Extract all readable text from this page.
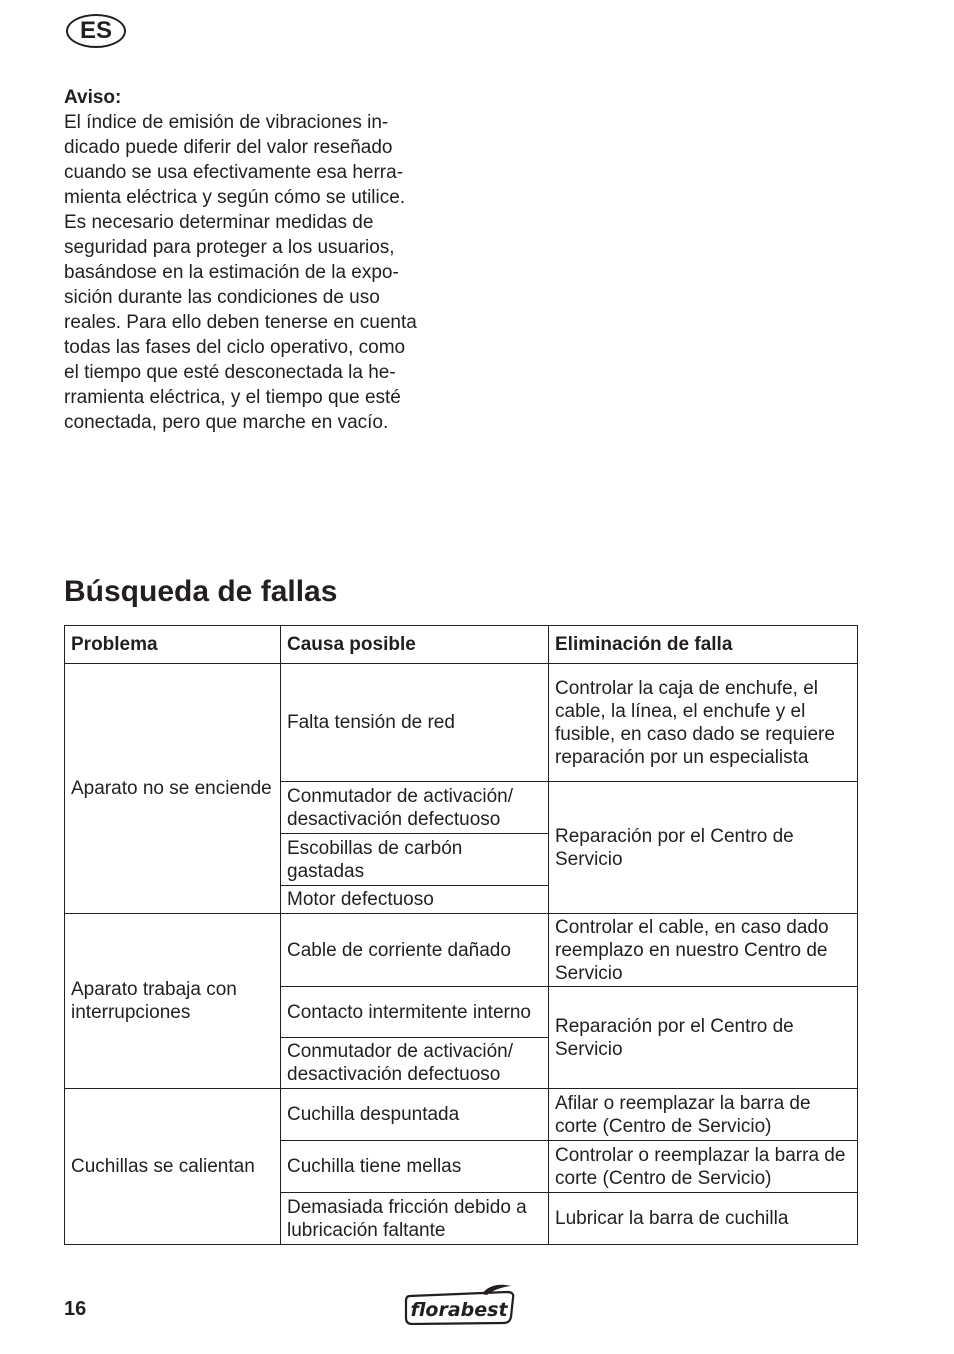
ES
Aviso:
El índice de emisión de vibraciones in-
dicado puede diferir del valor reseñado
cuando se usa efectivamente esa herra-
mienta eléctrica y según cómo se utilice.
Es necesario determinar medidas de
seguridad para proteger a los usuarios,
basándose en la estimación de la expo-
sición durante las condiciones de uso
reales. Para ello deben tenerse en cuenta
todas las fases del ciclo operativo, como
el tiempo que esté desconectada la he-
rramienta eléctrica, y el tiempo que esté
conectada, pero que marche en vacío.
Búsqueda de fallas
Problema	Causa posible	Eliminación de falla
Aparato no se enciende	Falta tensión de red	Controlar la caja de enchufe, el cable, la línea, el enchufe y el fusible, en caso dado se requiere reparación por un especialista
	Conmutador de activación/ desactivación defectuoso	Reparación por el Centro de Servicio
	Escobillas de carbón gastadas	
	Motor defectuoso	
Aparato trabaja con interrupciones	Cable de corriente dañado	Controlar el cable, en caso dado reemplazo en nuestro Centro de Servicio
	Contacto intermitente interno	Reparación por el Centro de Servicio
	Conmutador de activación/ desactivación defectuoso	
Cuchillas se calientan	Cuchilla despuntada	Afilar o reemplazar la barra de corte (Centro de Servicio)
	Cuchilla tiene mellas	Controlar o reemplazar la barra de corte (Centro de Servicio)
	Demasiada fricción debido a lubricación faltante	Lubricar la barra de cuchilla
16	florabest
